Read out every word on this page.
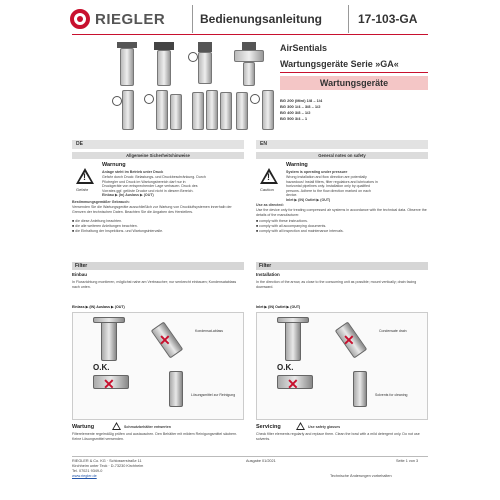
RIEGLER	Bedienungsanleitung	17-103-GA
AirSentials
Wartungsgeräte Serie »GA«
Wartungsgeräte
BG 200 (Mini) 1/8 – 1/4
BG 300 1/4 – 3/8 – 1/2
BG 400 3/8 – 1/2
BG 500 3/4 – 1
DE	EN
Allgemeine Sicherheitshinweise	General notes on safety
!
Gefahr
Warnung
Anlage steht im Betrieb unter Druck
Gefahr durch Druck: Belastungs- und Druckbeschränkung. Durch
Pilotregler und Druck im Wartungsbereich darf nur in
Druckgeräte von entsprechender Lage verbauen. Druck des
Vorrates ggf. gelöste Drucke und nicht in diesem Bereich.
Einbau ▶ (In) Auslass ▶ (OUT)
Bestimmungsgemäßer Gebrauch:
Verwenden Sie die Wartungsgeräte ausschließlich zur Wartung von Druckluftsystemen innerhalb der Grenzen der technischen Daten. Beachten Sie die Angaben des Herstellers.
■ die diese Anleitung beachten.
■ die alle weiteren Anleitungen beachten.
■ die Einhaltung der Inspektions- und Wartungsintervalle.
!
Caution
Warning
System is operating under pressure
Wrong installation and flow direction are potentially
hazardous! Install filters, filter regulators and lubricators in
horizontal pipelines only. Installation only by qualified
persons. Adhere to the flow direction marked on each
device.
Inlet ▶ (IN) Outlet ▶ (OUT)
Use as directed:
Use the device only for treating compressed air systems in accordance with the technical data. Observe the details of the manufacturer.
■ comply with these instructions.
■ comply with all accompanying documents.
■ comply with all inspection and maintenance intervals.
Filter	Filter
Einbau	Installation
In Flussrichtung montieren, möglichst nahe am Verbraucher; nur senkrecht einbauen; Kondensatablass nach unten.
In the direction of the arrow, as close to the consuming unit as possible; mount vertically; drain facing downward.
Einlass ▶ (IN) Auslass ▶ (OUT)	Inlet ▶ (IN) Outlet ▶ (OUT)
✕
Kondensat-ablass
O.K.
✕
Lösungsmittel zur Reinigung
✕
Condensate drain
O.K.
✕
Solvents for cleaning
Wartung	Schmutzbehälter entwerten
Filterelemente regelmäßig prüfen und austauschen. Den Behälter mit mildem Reinigungsmittel säubern. Keine Lösungsmittel verwenden.
Servicing	Use safety glasses
Check filter elements regularly and replace them. Clean the bowl with a mild detergent only. Do not use solvents.
RIEGLER & Co. KG · Schlosserstraße 11
Kirchheim unter Teck · D-73230 Kirchheim
Tel. 07021 9349-0
www.riegler.de
Ausgabe 01/2021	Seite 1 von 3
Technische Änderungen vorbehalten
